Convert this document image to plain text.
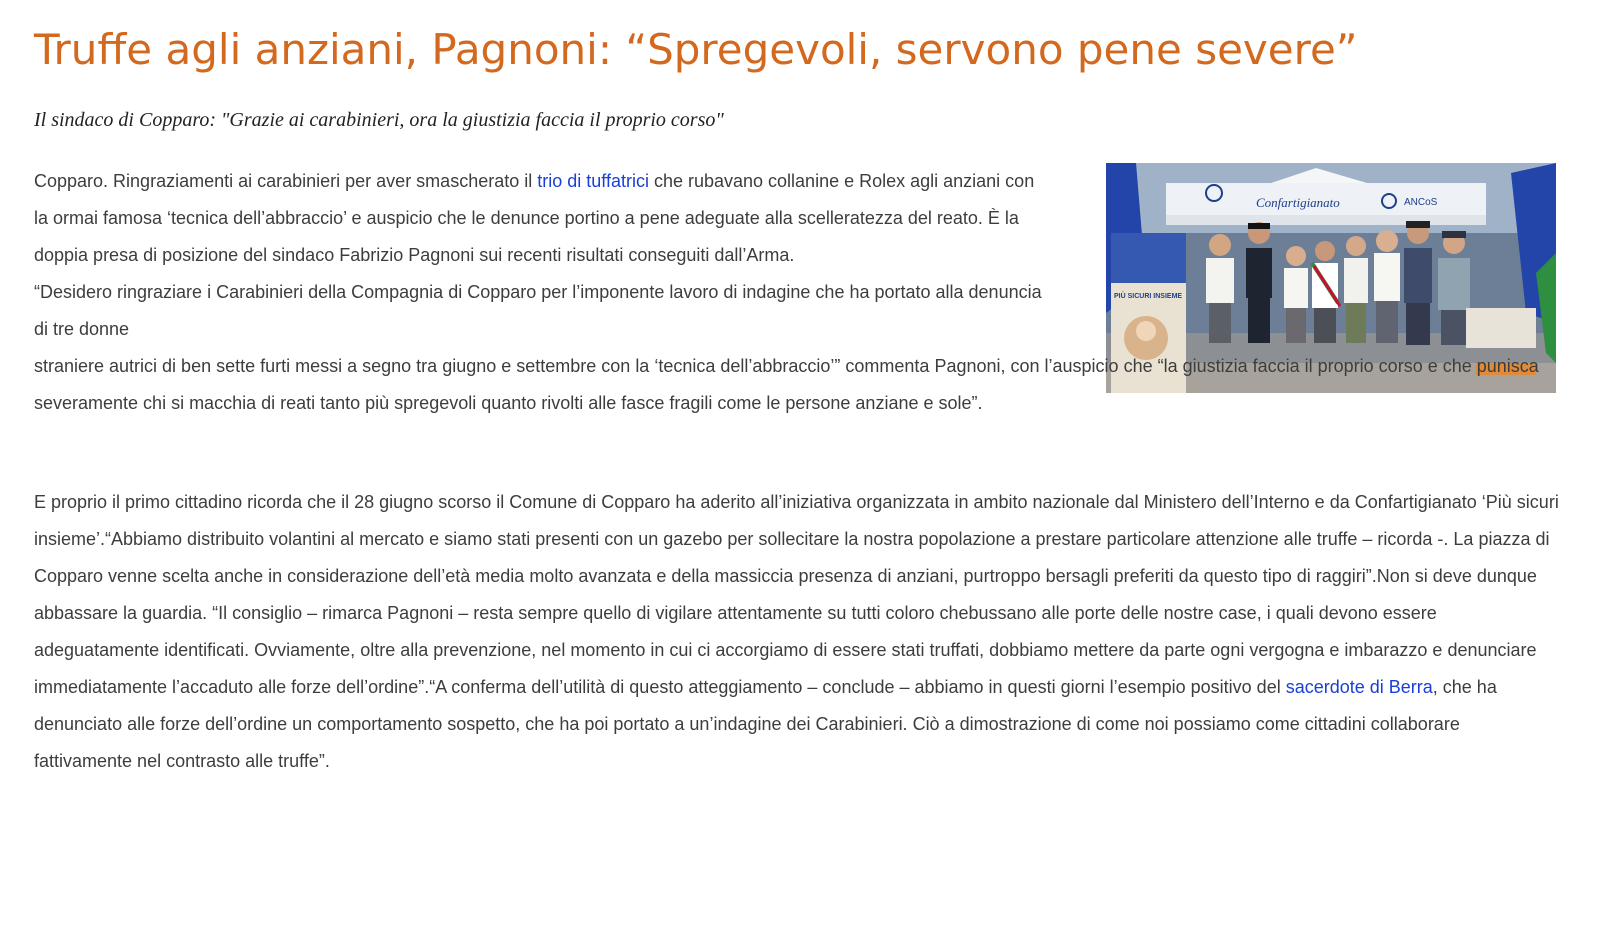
Truffe agli anziani, Pagnoni: “Spregevoli, servono pene severe”
Il sindaco di Copparo: "Grazie ai carabinieri, ora la giustizia faccia il proprio corso"
Confartigianato	ANCoS
PIÙ SICURI INSIEME

Copparo. Ringraziamenti ai carabinieri per aver smascherato il trio di tuffatrici che rubavano collanine e Rolex agli anziani con la ormai famosa ‘tecnica dell’abbraccio’ e auspicio che le denunce portino a pene adeguate alla scelleratezza del reato. È la doppia presa di posizione del sindaco Fabrizio Pagnoni sui recenti risultati conseguiti dall’Arma.

“Desidero ringraziare i Carabinieri della Compagnia di Copparo per l’imponente lavoro di indagine che ha portato alla denuncia di tre donne

straniere autrici di ben sette furti messi a segno tra giugno e settembre con la ‘tecnica dell’abbraccio’” commenta Pagnoni, con l’auspicio che “la giustizia faccia il proprio corso e che punisca severamente chi si macchia di reati tanto più spregevoli quanto rivolti alle fasce fragili come le persone anziane e sole”.

E proprio il primo cittadino ricorda che il 28 giugno scorso il Comune di Copparo ha aderito all’iniziativa organizzata in ambito nazionale dal Ministero dell’Interno e da Confartigianato ‘Più sicuri insieme’.“Abbiamo distribuito volantini al mercato e siamo stati presenti con un gazebo per sollecitare la nostra popolazione a prestare particolare attenzione alle truffe – ricorda -. La piazza di Copparo venne scelta anche in considerazione dell’età media molto avanzata e della massiccia presenza di anziani, purtroppo bersagli preferiti da questo tipo di raggiri”.Non si deve dunque abbassare la guardia. “Il consiglio – rimarca Pagnoni – resta sempre quello di vigilare attentamente su tutti coloro chebussano alle porte delle nostre case, i quali devono essere adeguatamente identificati. Ovviamente, oltre alla prevenzione, nel momento in cui ci accorgiamo di essere stati truffati, dobbiamo mettere da parte ogni vergogna e imbarazzo e denunciare immediatamente l’accaduto alle forze dell’ordine”.“A conferma dell’utilità di questo atteggiamento – conclude – abbiamo in questi giorni l’esempio positivo del sacerdote di Berra, che ha denunciato alle forze dell’ordine un comportamento sospetto, che ha poi portato a un’indagine dei Carabinieri. Ciò a dimostrazione di come noi possiamo come cittadini collaborare fattivamente nel contrasto alle truffe”.
